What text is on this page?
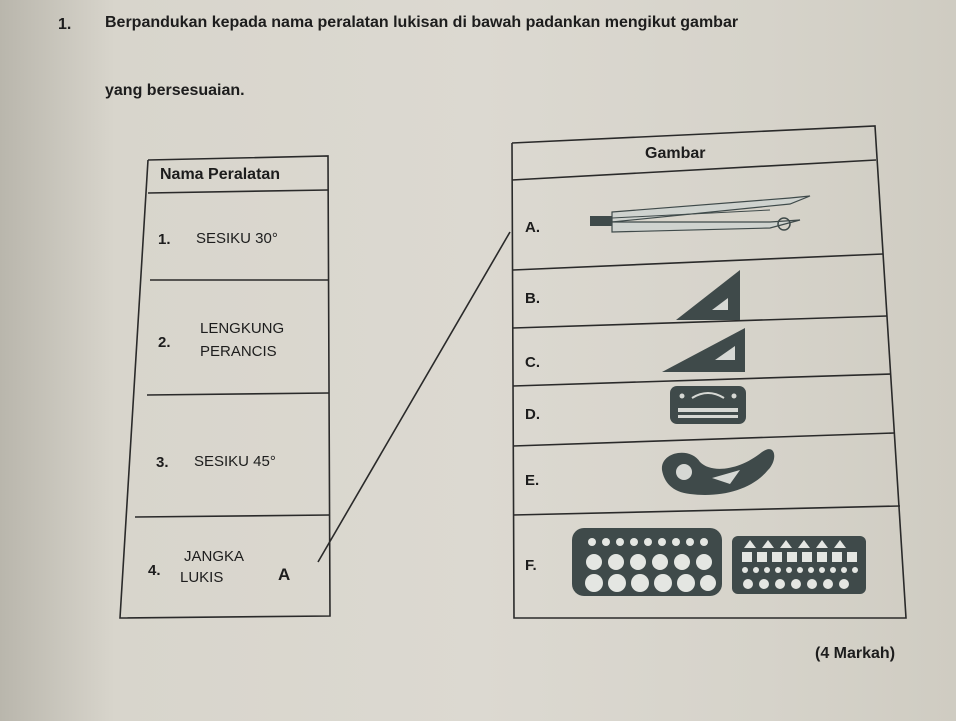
1. Berpandukan kepada nama peralatan lukisan di bawah padankan mengikut gambar
yang bersesuaian.
Nama Peralatan
1. SESIKU 30°
2.
LENGKUNG
PERANCIS
3. SESIKU 45°
4.
JANGKA
LUKIS	A
Gambar
A.
B.
C.
D.
E.
F.
(4 Markah)
